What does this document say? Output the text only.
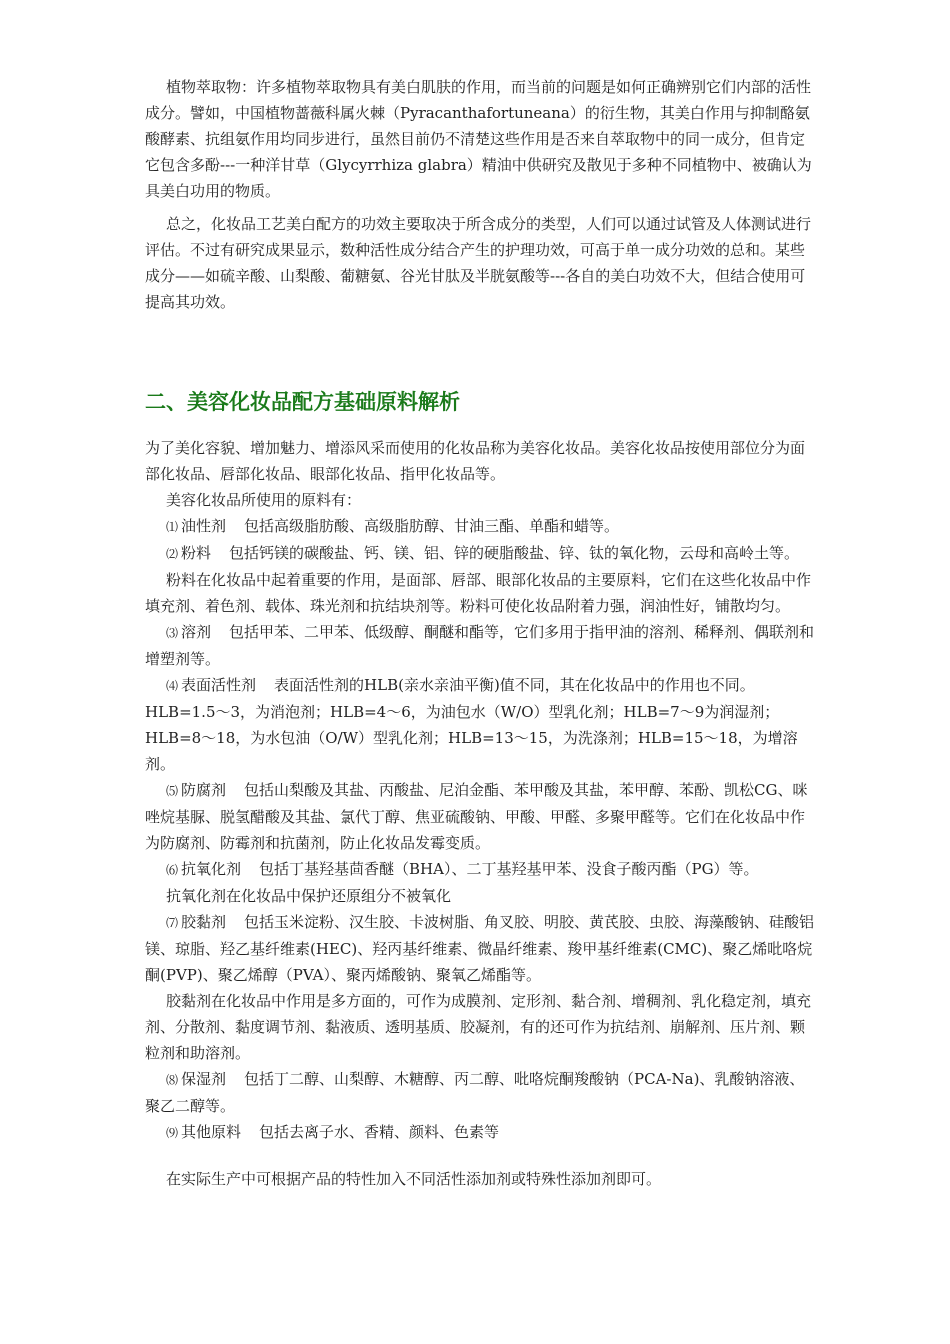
植物萃取物：许多植物萃取物具有美白肌肤的作用，而当前的问题是如何正确辨别它们内部的活性成分。譬如，中国植物蔷薇科属火棘（Pyracanthafortuneana）的衍生物，其美白作用与抑制酪氨酸酵素、抗组氨作用均同步进行，虽然目前仍不清楚这些作用是否来自萃取物中的同一成分，但肯定它包含多酚---一种洋甘草（Glycyrrhiza glabra）精油中供研究及散见于多种不同植物中、被确认为具美白功用的物质。

总之，化妆品工艺美白配方的功效主要取决于所含成分的类型，人们可以通过试管及人体测试进行评估。不过有研究成果显示，数种活性成分结合产生的护理功效，可高于单一成分功效的总和。某些成分——如硫辛酸、山梨酸、葡糖氨、谷光甘肽及半胱氨酸等---各自的美白功效不大，但结合使用可提高其功效。

二、美容化妆品配方基础原料解析

为了美化容貌、增加魅力、增添风采而使用的化妆品称为美容化妆品。美容化妆品按使用部位分为面部化妆品、唇部化妆品、眼部化妆品、指甲化妆品等。

美容化妆品所使用的原料有：

⑴ 油性剂 包括高级脂肪酸、高级脂肪醇、甘油三酯、单酯和蜡等。

⑵ 粉料 包括钙镁的碳酸盐、钙、镁、铝、锌的硬脂酸盐、锌、钛的氧化物，云母和高岭土等。

粉料在化妆品中起着重要的作用，是面部、唇部、眼部化妆品的主要原料，它们在这些化妆品中作填充剂、着色剂、载体、珠光剂和抗结块剂等。粉料可使化妆品附着力强，润油性好，铺散均匀。

⑶ 溶剂 包括甲苯、二甲苯、低级醇、酮醚和酯等，它们多用于指甲油的溶剂、稀释剂、偶联剂和增塑剂等。

⑷ 表面活性剂 表面活性剂的HLB(亲水亲油平衡)值不同，其在化妆品中的作用也不同。HLB=1.5～3，为消泡剂；HLB=4～6，为油包水（W/O）型乳化剂；HLB=7～9为润湿剂；HLB=8～18，为水包油（O/W）型乳化剂；HLB=13～15，为洗涤剂；HLB=15～18，为增溶剂。

⑸ 防腐剂 包括山梨酸及其盐、丙酸盐、尼泊金酯、苯甲酸及其盐，苯甲醇、苯酚、凯松CG、咪唑烷基脲、脱氢醋酸及其盐、氯代丁醇、焦亚硫酸钠、甲酸、甲醛、多聚甲醛等。它们在化妆品中作为防腐剂、防霉剂和抗菌剂，防止化妆品发霉变质。

⑹ 抗氧化剂 包括丁基羟基茴香醚（BHA）、二丁基羟基甲苯、没食子酸丙酯（PG）等。

抗氧化剂在化妆品中保护还原组分不被氧化

⑺ 胶黏剂 包括玉米淀粉、汉生胶、卡波树脂、角叉胶、明胶、黄芪胶、虫胶、海藻酸钠、硅酸铝镁、琼脂、羟乙基纤维素(HEC)、羟丙基纤维素、微晶纤维素、羧甲基纤维素(CMC)、聚乙烯吡咯烷酮(PVP)、聚乙烯醇（PVA）、聚丙烯酸钠、聚氧乙烯酯等。

胶黏剂在化妆品中作用是多方面的，可作为成膜剂、定形剂、黏合剂、增稠剂、乳化稳定剂，填充剂、分散剂、黏度调节剂、黏液质、透明基质、胶凝剂，有的还可作为抗结剂、崩解剂、压片剂、颗粒剂和助溶剂。

⑻ 保湿剂 包括丁二醇、山梨醇、木糖醇、丙二醇、吡咯烷酮羧酸钠（PCA-Na)、乳酸钠溶液、聚乙二醇等。

⑼ 其他原料 包括去离子水、香精、颜料、色素等

在实际生产中可根据产品的特性加入不同活性添加剂或特殊性添加剂即可。
